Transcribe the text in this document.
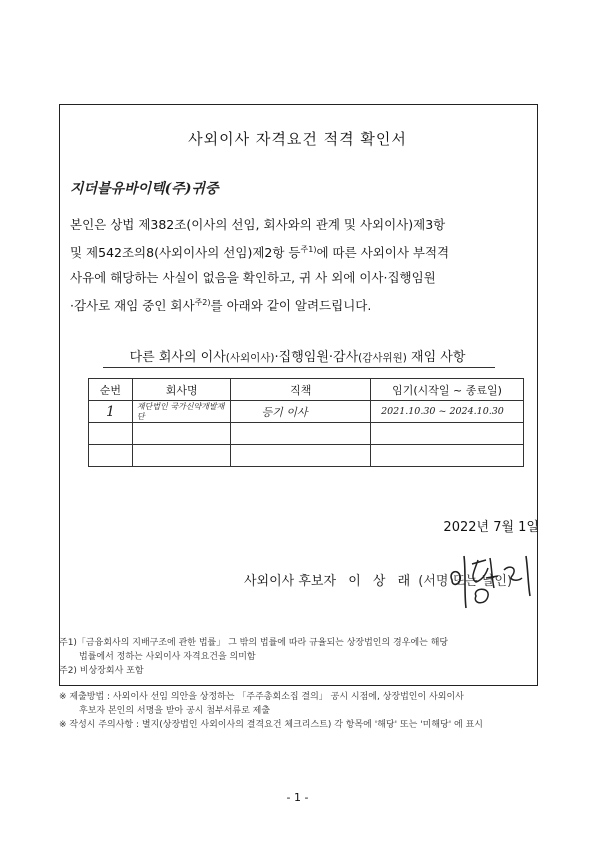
사외이사 자격요건 적격 확인서
지더블유바이텍(주)귀중
본인은 상법 제382조(이사의 선임, 회사와의 관계 및 사외이사)제3항
및 제542조의8(사외이사의 선임)제2항 등$^{주1)}$에 따른 사외이사 부적격
사유에 해당하는 사실이 없음을 확인하고, 귀 사 외에 이사·집행임원
·감사로 재임 중인 회사$^{주2)}$를 아래와 같이 알려드립니다.
다른 회사의 이사(사외이사)·집행임원·감사(감사위원) 재임 사항
순번	회사명	직책	임기(시작일 ~ 종료일)
1	재단법인 국가신약개발재단	등기 이사	2021.10.30 ~ 2024.10.30

2022년 7월 1일
사외이사 후보자 이 상 래 (서명 또는 날인)
주1)「금융회사의 지배구조에 관한 법률」 그 밖의 법률에 따라 규율되는 상장법인의 경우에는 해당
법률에서 정하는 사외이사 자격요건을 의미함
주2) 비상장회사 포함
※ 제출방법 : 사외이사 선임 의안을 상정하는 「주주총회소집 결의」 공시 시점에, 상장법인이 사외이사
후보자 본인의 서명을 받아 공시 첨부서류로 제출
※ 작성시 주의사항 : 별지(상장법인 사외이사의 결격요건 체크리스트) 각 항목에 '해당' 또는 '미해당' 에 표시
- 1 -
